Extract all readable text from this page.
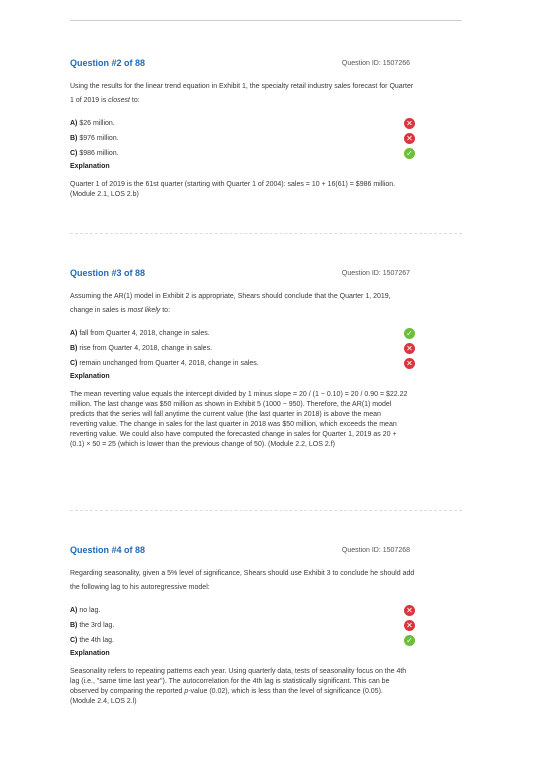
Question #2 of 88	Question ID: 1507266
Using the results for the linear trend equation in Exhibit 1, the specialty retail industry sales forecast for Quarter 1 of 2019 is closest to:
A) $26 million.	✕
B) $976 million.	✕
C) $986 million.	✓
Explanation
Quarter 1 of 2019 is the 61st quarter (starting with Quarter 1 of 2004): sales = 10 + 16(61) = $986 million. (Module 2.1, LOS 2.b)
Question #3 of 88	Question ID: 1507267
Assuming the AR(1) model in Exhibit 2 is appropriate, Shears should conclude that the Quarter 1, 2019, change in sales is most likely to:
A) fall from Quarter 4, 2018, change in sales.	✓
B) rise from Quarter 4, 2018, change in sales.	✕
C) remain unchanged from Quarter 4, 2018, change in sales.	✕
Explanation
The mean reverting value equals the intercept divided by 1 minus slope = 20 / (1 − 0.10) = 20 / 0.90 = $22.22 million. The last change was $50 million as shown in Exhibit 5 (1000 − 950). Therefore, the AR(1) model predicts that the series will fall anytime the current value (the last quarter in 2018) is above the mean reverting value. The change in sales for the last quarter in 2018 was $50 million, which exceeds the mean reverting value. We could also have computed the forecasted change in sales for Quarter 1, 2019 as 20 + (0.1) × 50 = 25 (which is lower than the previous change of 50). (Module 2.2, LOS 2.f)
Question #4 of 88	Question ID: 1507268
Regarding seasonality, given a 5% level of significance, Shears should use Exhibit 3 to conclude he should add the following lag to his autoregressive model:
A) no lag.	✕
B) the 3rd lag.	✕
C) the 4th lag.	✓
Explanation
Seasonality refers to repeating patterns each year. Using quarterly data, tests of seasonality focus on the 4th lag (i.e., "same time last year"). The autocorrelation for the 4th lag is statistically significant. This can be observed by comparing the reported p-value (0.02), which is less than the level of significance (0.05). (Module 2.4, LOS 2.l)
